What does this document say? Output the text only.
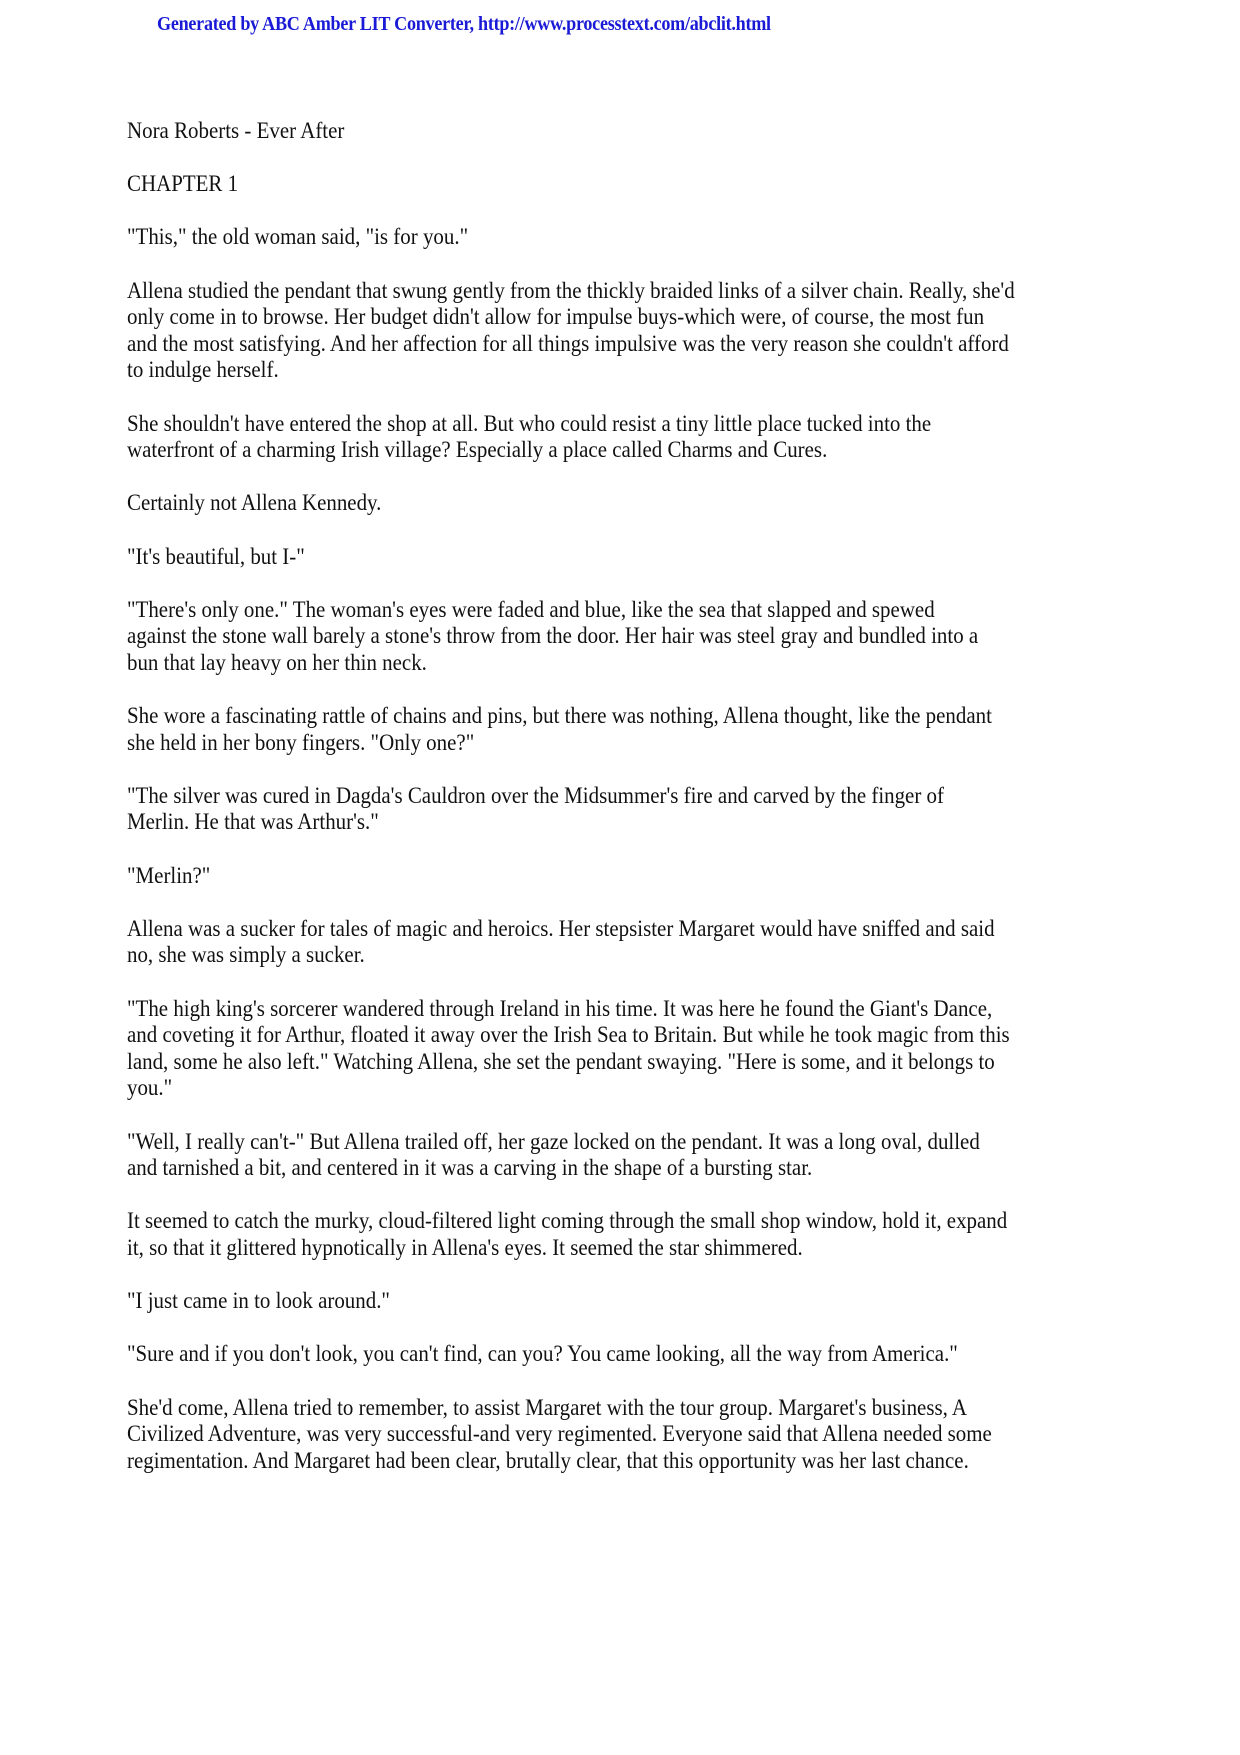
Generated by ABC Amber LIT Converter, http://www.processtext.com/abclit.html
Nora Roberts - Ever After
CHAPTER 1
"This," the old woman said, "is for you."
Allena studied the pendant that swung gently from the thickly braided links of a silver chain. Really, she'd
only come in to browse. Her budget didn't allow for impulse buys-which were, of course, the most fun
and the most satisfying. And her affection for all things impulsive was the very reason she couldn't afford
to indulge herself.
She shouldn't have entered the shop at all. But who could resist a tiny little place tucked into the
waterfront of a charming Irish village? Especially a place called Charms and Cures.
Certainly not Allena Kennedy.
"It's beautiful, but I-"
"There's only one." The woman's eyes were faded and blue, like the sea that slapped and spewed
against the stone wall barely a stone's throw from the door. Her hair was steel gray and bundled into a
bun that lay heavy on her thin neck.
She wore a fascinating rattle of chains and pins, but there was nothing, Allena thought, like the pendant
she held in her bony fingers. "Only one?"
"The silver was cured in Dagda's Cauldron over the Midsummer's fire and carved by the finger of
Merlin. He that was Arthur's."
"Merlin?"
Allena was a sucker for tales of magic and heroics. Her stepsister Margaret would have sniffed and said
no, she was simply a sucker.
"The high king's sorcerer wandered through Ireland in his time. It was here he found the Giant's Dance,
and coveting it for Arthur, floated it away over the Irish Sea to Britain. But while he took magic from this
land, some he also left." Watching Allena, she set the pendant swaying. "Here is some, and it belongs to
you."
"Well, I really can't-" But Allena trailed off, her gaze locked on the pendant. It was a long oval, dulled
and tarnished a bit, and centered in it was a carving in the shape of a bursting star.
It seemed to catch the murky, cloud-filtered light coming through the small shop window, hold it, expand
it, so that it glittered hypnotically in Allena's eyes. It seemed the star shimmered.
"I just came in to look around."
"Sure and if you don't look, you can't find, can you? You came looking, all the way from America."
She'd come, Allena tried to remember, to assist Margaret with the tour group. Margaret's business, A
Civilized Adventure, was very successful-and very regimented. Everyone said that Allena needed some
regimentation. And Margaret had been clear, brutally clear, that this opportunity was her last chance.
